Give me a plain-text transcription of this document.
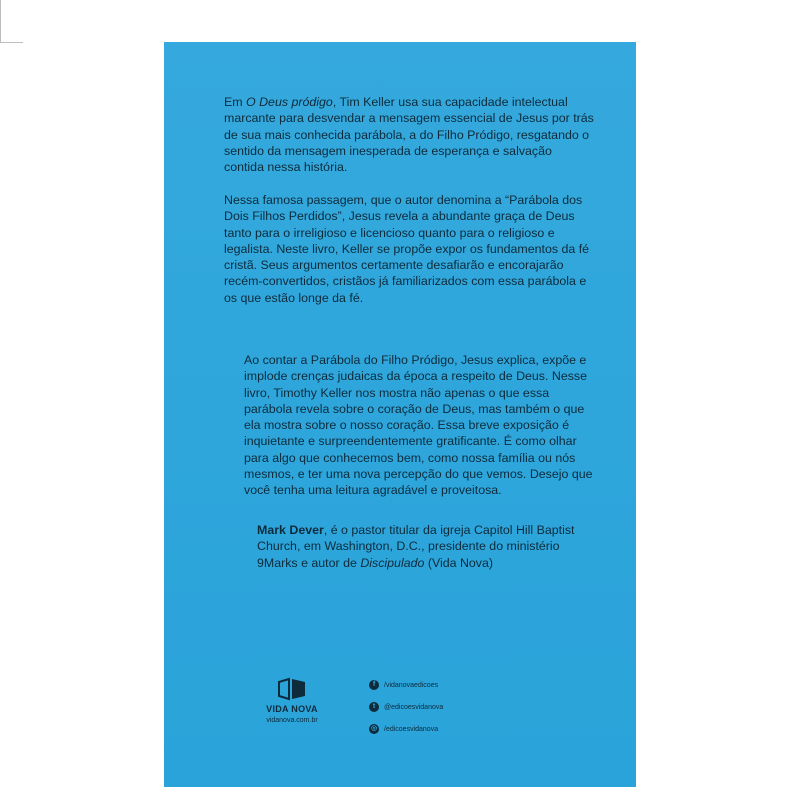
Em O Deus pródigo, Tim Keller usa sua capacidade intelectual marcante para desvendar a mensagem essencial de Jesus por trás de sua mais conhecida parábola, a do Filho Pródigo, resgatando o sentido da mensagem inesperada de esperança e salvação contida nessa história.

Nessa famosa passagem, que o autor denomina a “Parábola dos Dois Filhos Perdidos”, Jesus revela a abundante graça de Deus tanto para o irreligioso e licencioso quanto para o religioso e legalista. Neste livro, Keller se propõe expor os fundamentos da fé cristã. Seus argumentos certamente desafiarão e encorajarão recém-convertidos, cristãos já familiarizados com essa parábola e os que estão longe da fé.

Ao contar a Parábola do Filho Pródigo, Jesus explica, expõe e implode crenças judaicas da época a respeito de Deus. Nesse livro, Timothy Keller nos mostra não apenas o que essa parábola revela sobre o coração de Deus, mas também o que ela mostra sobre o nosso coração. Essa breve exposição é inquietante e surpreendentemente gratificante. É como olhar para algo que conhecemos bem, como nossa família ou nós mesmos, e ter uma nova percepção do que vemos. Desejo que você tenha uma leitura agradável e proveitosa.

Mark Dever, é o pastor titular da igreja Capitol Hill Baptist Church, em Washington, D.C., presidente do ministério 9Marks e autor de Discipulado (Vida Nova)

VIDA NOVA
vidanova.com.br
f	/vidanovaedicoes
t	@edicoesvidanova
◎ /edicoesvidanova
